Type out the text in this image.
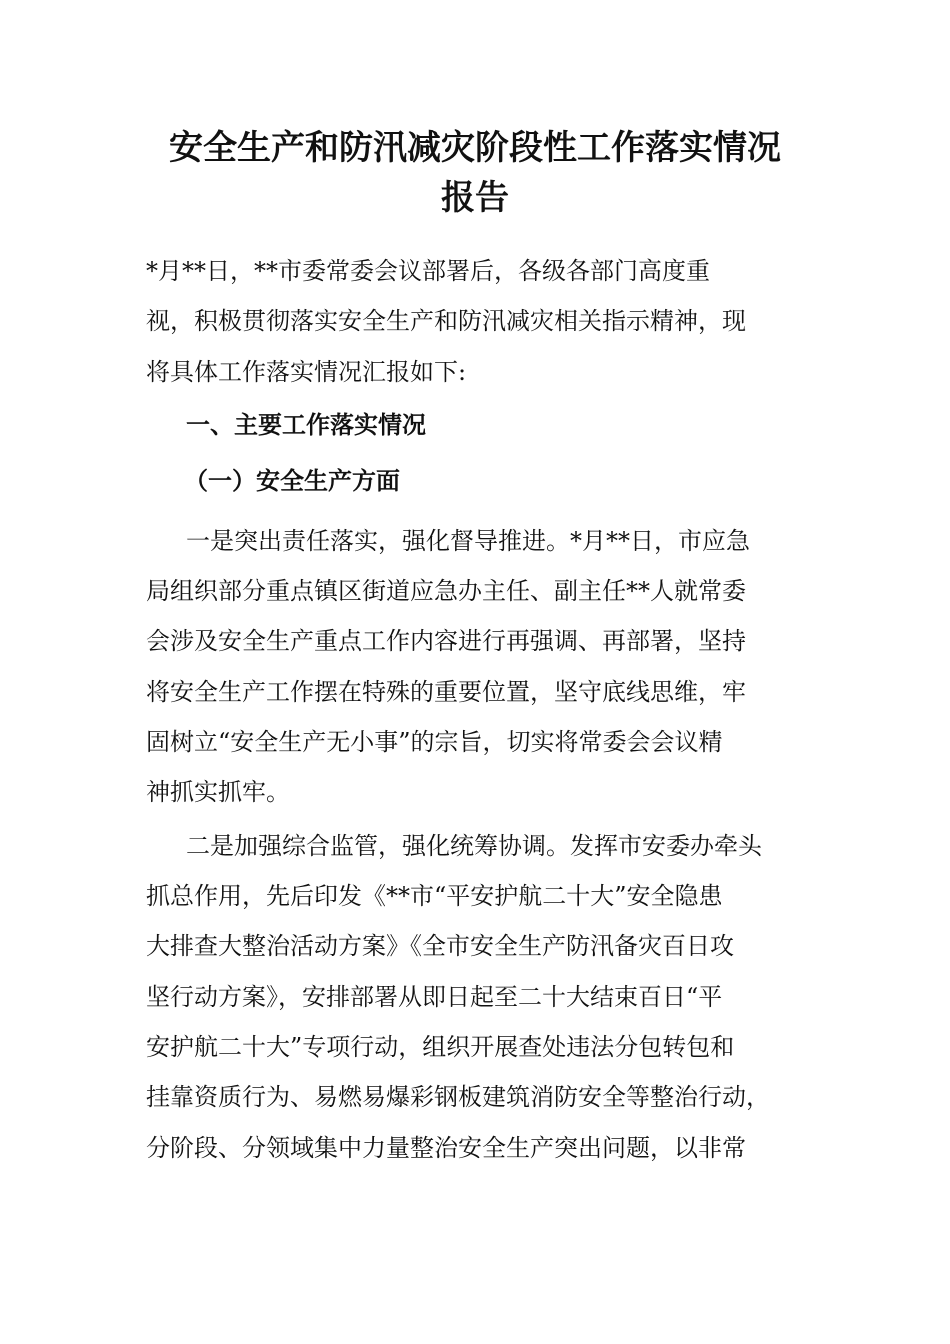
安全生产和防汛减灾阶段性工作落实情况
报告

*月**日，**市委常委会议部署后，各级各部门高度重

视，积极贯彻落实安全生产和防汛减灾相关指示精神，现

将具体工作落实情况汇报如下:

一、主要工作落实情况

（一）安全生产方面

一是突出责任落实，强化督导推进。*月**日，市应急

局组织部分重点镇区街道应急办主任、副主任**人就常委

会涉及安全生产重点工作内容进行再强调、再部署，坚持

将安全生产工作摆在特殊的重要位置，坚守底线思维，牢

固树立“安全生产无小事”的宗旨，切实将常委会会议精

神抓实抓牢。

二是加强综合监管，强化统筹协调。发挥市安委办牵头

抓总作用，先后印发《**市“平安护航二十大”安全隐患

大排查大整治活动方案》《全市安全生产防汛备灾百日攻

坚行动方案》，安排部署从即日起至二十大结束百日“平

安护航二十大”专项行动，组织开展查处违法分包转包和

挂靠资质行为、易燃易爆彩钢板建筑消防安全等整治行动，

分阶段、分领域集中力量整治安全生产突出问题，以非常
